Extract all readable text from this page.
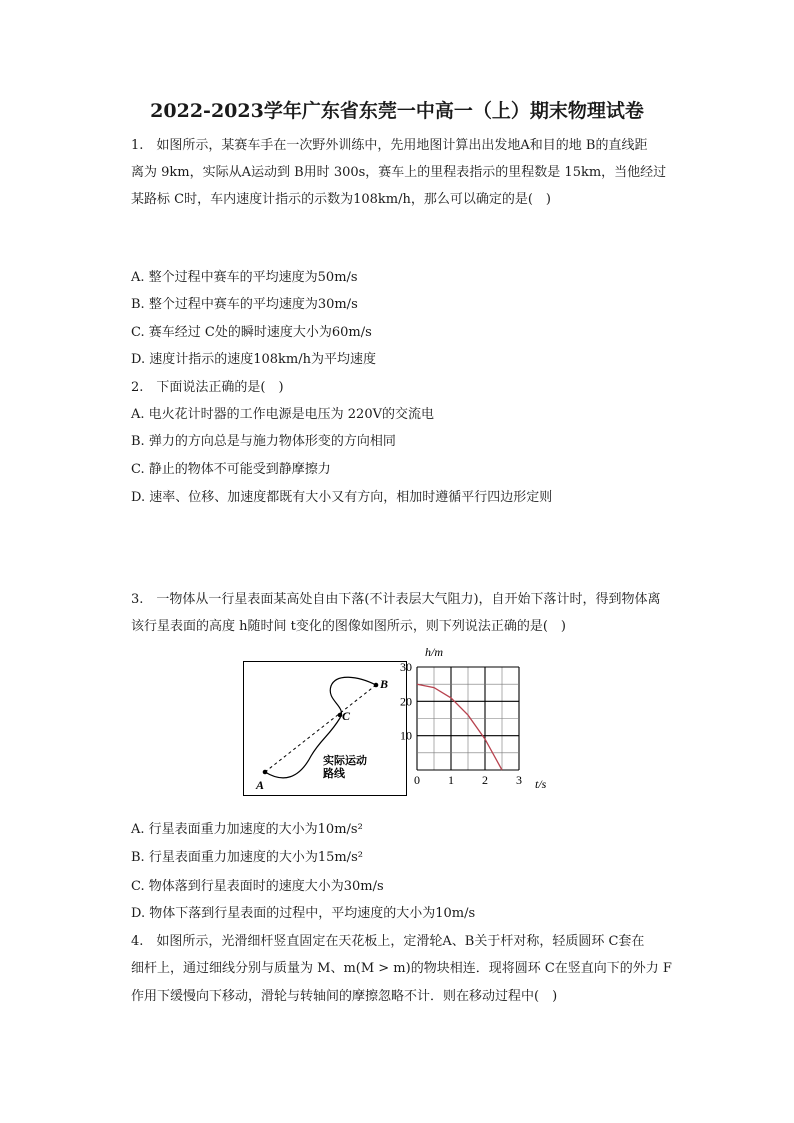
2022-2023学年广东省东莞一中高一（上）期末物理试卷
1.　如图所示，某赛车手在一次野外训练中，先用地图计算出出发地A和目的地 B的直线距
离为 9km，实际从A运动到 B用时 300s，赛车上的里程表指示的里程数是 15km，当他经过
某路标 C时，车内速度计指示的示数为108km/h，那么可以确定的是(　)
A. 整个过程中赛车的平均速度为50m/s
B. 整个过程中赛车的平均速度为30m/s
C. 赛车经过 C处的瞬时速度大小为60m/s
D. 速度计指示的速度108km/h为平均速度
2.　下面说法正确的是(　)
A. 电火花计时器的工作电源是电压为 220V的交流电
B. 弹力的方向总是与施力物体形变的方向相同
C. 静止的物体不可能受到静摩擦力
D. 速率、位移、加速度都既有大小又有方向，相加时遵循平行四边形定则
3.　一物体从一行星表面某高处自由下落(不计表层大气阻力)，自开始下落计时，得到物体离
该行星表面的高度 h随时间 t变化的图像如图所示，则下列说法正确的是(　)
A
B
C
实际运动
路线
h/m
t/s
0 1 2 3
10
20
30
A. 行星表面重力加速度的大小为10m/s²
B. 行星表面重力加速度的大小为15m/s²
C. 物体落到行星表面时的速度大小为30m/s
D. 物体下落到行星表面的过程中，平均速度的大小为10m/s
4.　如图所示，光滑细杆竖直固定在天花板上，定滑轮A、B关于杆对称，轻质圆环 C套在
细杆上，通过细线分别与质量为 M、m(M > m)的物块相连．现将圆环 C在竖直向下的外力 F
作用下缓慢向下移动，滑轮与转轴间的摩擦忽略不计．则在移动过程中(　)
